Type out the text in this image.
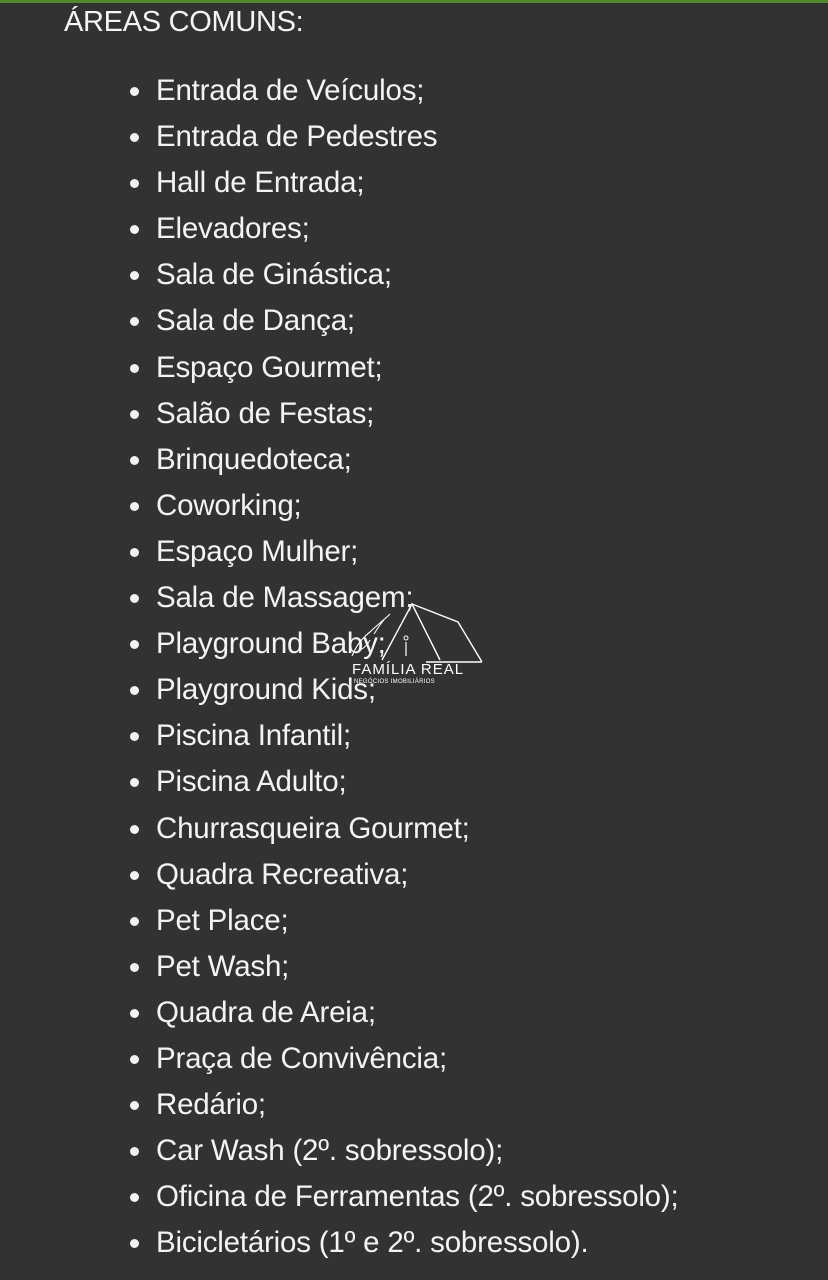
ÁREAS COMUNS:
Entrada de Veículos;
Entrada de Pedestres
Hall de Entrada;
Elevadores;
Sala de Ginástica;
Sala de Dança;
Espaço Gourmet;
Salão de Festas;
Brinquedoteca;
Coworking;
Espaço Mulher;
Sala de Massagem;
Playground Baby;
Playground Kids;
Piscina Infantil;
Piscina Adulto;
Churrasqueira Gourmet;
Quadra Recreativa;
Pet Place;
Pet Wash;
Quadra de Areia;
Praça de Convivência;
Redário;
Car Wash (2º. sobressolo);
Oficina de Ferramentas (2º. sobressolo);
Bicicletários (1º e 2º. sobressolo).
FAMÍLIA REAL
NEGÓCIOS IMOBILIÁRIOS
